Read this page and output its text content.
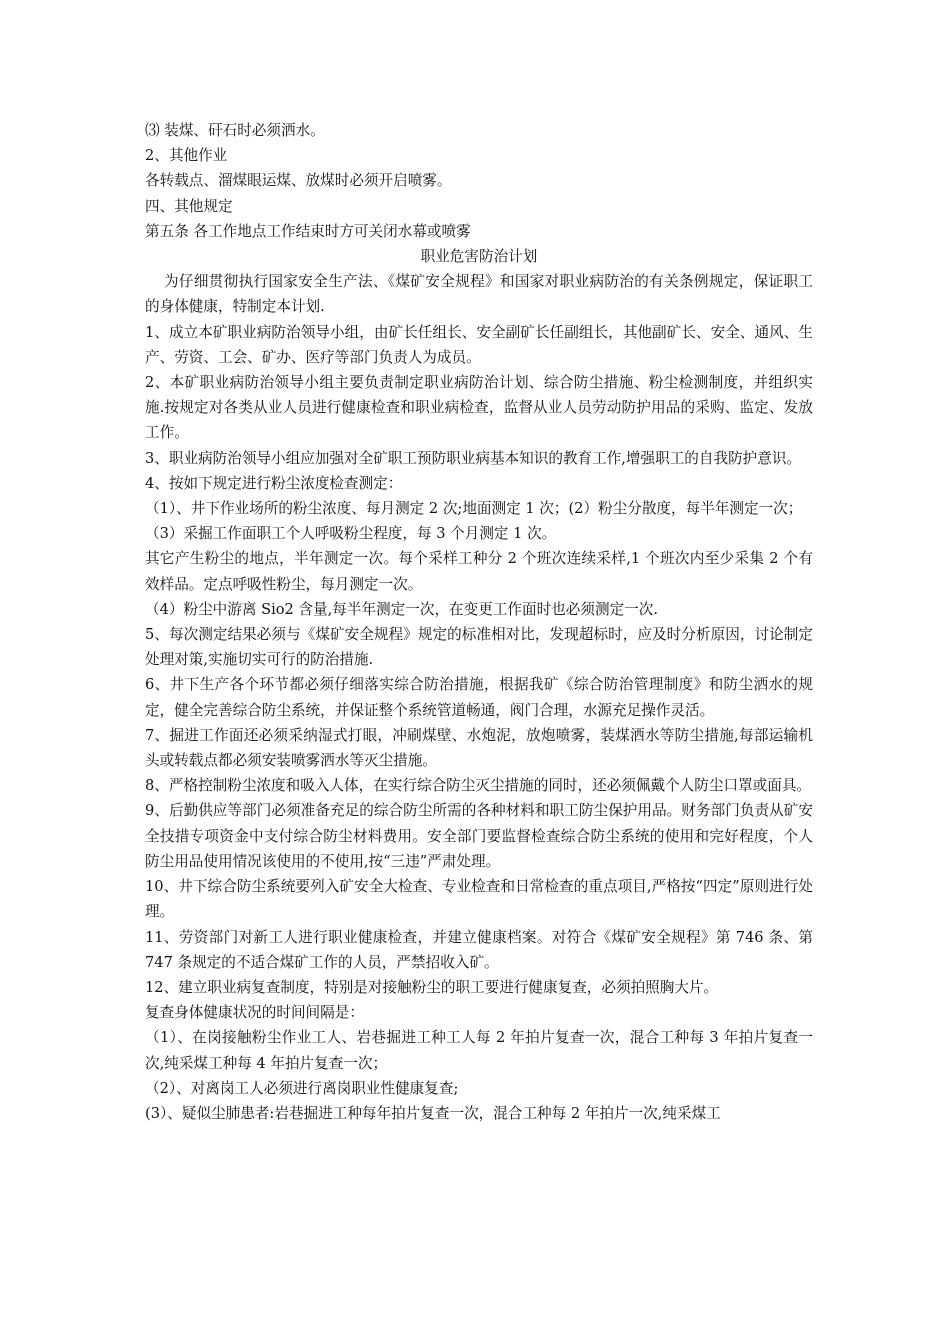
⑶ 装煤、矸石时必须洒水。

2、其他作业

各转载点、溜煤眼运煤、放煤时必须开启喷雾。

四、其他规定

第五条 各工作地点工作结束时方可关闭水幕或喷雾

职业危害防治计划

为仔细贯彻执行国家安全生产法、《煤矿安全规程》和国家对职业病防治的有关条例规定，保证职工的身体健康，特制定本计划.

1、成立本矿职业病防治领导小组，由矿长任组长、安全副矿长任副组长，其他副矿长、安全、通风、生产、劳资、工会、矿办、医疗等部门负责人为成员。

2、本矿职业病防治领导小组主要负责制定职业病防治计划、综合防尘措施、粉尘检测制度，并组织实施.按规定对各类从业人员进行健康检查和职业病检查，监督从业人员劳动防护用品的采购、监定、发放工作。

3、职业病防治领导小组应加强对全矿职工预防职业病基本知识的教育工作,增强职工的自我防护意识。

4、按如下规定进行粉尘浓度检查测定：

（1）、井下作业场所的粉尘浓度、每月测定 2 次;地面测定 1 次；(2）粉尘分散度，每半年测定一次；

（3）采掘工作面职工个人呼吸粉尘程度，每 3 个月测定 1 次。

其它产生粉尘的地点，半年测定一次。每个采样工种分 2 个班次连续采样,1 个班次内至少采集 2 个有效样品。定点呼吸性粉尘，每月测定一次。

（4）粉尘中游离 Sio2 含量,每半年测定一次，在变更工作面时也必须测定一次.

5、每次测定结果必须与《煤矿安全规程》规定的标准相对比，发现超标时，应及时分析原因，讨论制定处理对策,实施切实可行的防治措施.

6、井下生产各个环节都必须仔细落实综合防治措施，根据我矿《综合防治管理制度》和防尘洒水的规定，健全完善综合防尘系统，并保证整个系统管道畅通，阀门合理，水源充足操作灵活。

7、掘进工作面还必须采纳湿式打眼，冲刷煤壁、水炮泥，放炮喷雾，装煤洒水等防尘措施,每部运输机头或转载点都必须安装喷雾洒水等灭尘措施。

8、严格控制粉尘浓度和吸入人体，在实行综合防尘灭尘措施的同时，还必须佩戴个人防尘口罩或面具。

9、后勤供应等部门必须准备充足的综合防尘所需的各种材料和职工防尘保护用品。财务部门负责从矿安全技措专项资金中支付综合防尘材料费用。安全部门要监督检查综合防尘系统的使用和完好程度，个人防尘用品使用情况该使用的不使用,按“三违”严肃处理。

10、井下综合防尘系统要列入矿安全大检查、专业检查和日常检查的重点项目,严格按“四定”原则进行处理。

11、劳资部门对新工人进行职业健康检查，并建立健康档案。对符合《煤矿安全规程》第 746 条、第 747 条规定的不适合煤矿工作的人员，严禁招收入矿。

12、建立职业病复查制度，特别是对接触粉尘的职工要进行健康复查，必须拍照胸大片。

复查身体健康状况的时间间隔是：

（1）、在岗接触粉尘作业工人、岩巷掘进工种工人每 2 年拍片复查一次，混合工种每 3 年拍片复查一次,纯采煤工种每 4 年拍片复查一次；

（2）、对离岗工人必须进行离岗职业性健康复查;

(3）、疑似尘肺患者:岩巷掘进工种每年拍片复查一次，混合工种每 2 年拍片一次,纯采煤工
